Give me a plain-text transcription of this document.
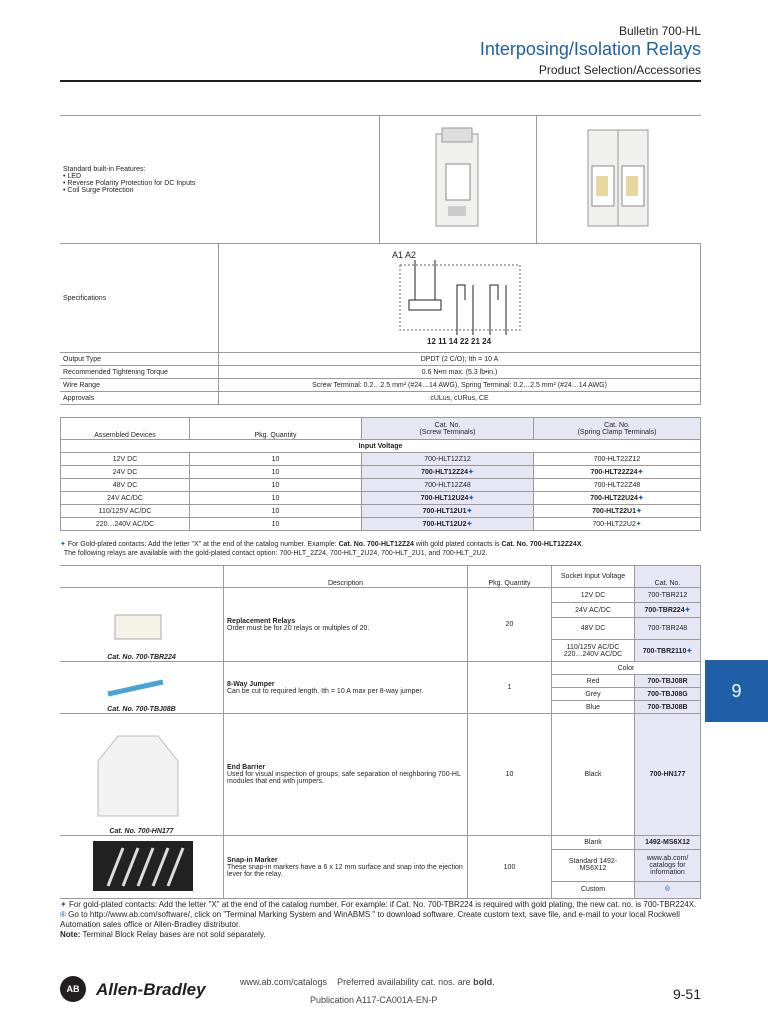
Bulletin 700-HL
Interposing/Isolation Relays
Product Selection/Accessories
Standard built-in Features:
• LED
• Reverse Polarity Protection for DC Inputs
• Coil Surge Protection

Specifications	A1 A2
12 11 14 22 21 24

Output Type	DPDT (2 C/O); Ith = 10 A
Recommended Tightening Torque	0.6 N•m max. (5.3 lb•in.)
Wire Range	Screw Terminal: 0.2…2.5 mm² (#24…14 AWG), Spring Terminal: 0.2…2.5 mm² (#24…14 AWG)
Approvals	cULus, cURus, CE
Assembled Devices	Pkg. Quantity	Cat. No.
(Screw Terminals)	Cat. No.
(Spring Clamp Terminals)
Input Voltage			
12V DC	10	700-HLT12Z12	700-HLT22Z12
24V DC	10	700-HLT12Z24✦	700-HLT22Z24✦
48V DC	10	700-HLT12Z48	700-HLT22Z48
24V AC/DC	10	700-HLT12U24✦	700-HLT22U24✦
110/125V AC/DC	10	700-HLT12U1✦	700-HLT22U1✦
220…240V AC/DC	10	700-HLT12U2✦	700-HLT22U2✦
✦ For Gold-plated contacts: Add the letter "X" at the end of the catalog number. Example: Cat. No. 700-HLT12Z24 with gold plated contacts is Cat. No. 700-HLT12Z24X.
The following relays are available with the gold-plated contact option: 700-HLT_2Z24, 700-HLT_2U24, 700-HLT_2U1, and 700-HLT_2U2.
	Description	Pkg. Quantity	Socket Input Voltage	Cat. No.

Cat. No. 700-TBR224	Replacement Relays
Order must be for 20 relays or multiples of 20.	20	12V DC	700-TBR212
			24V AC/DC	700-TBR224✦
			48V DC	700-TBR248
			110/125V AC/DC
220…240V AC/DC	700-TBR2110✦

Cat. No. 700-TBJ08B	8-Way Jumper
Can be cut to required length. Ith = 10 A max per 8-way jumper.	1	Color	
			Red	700-TBJ08R
			Grey	700-TBJ08G
			Blue	700-TBJ08B

Cat. No. 700-HN177	End Barrier
Used for visual inspection of groups, safe separation of neighboring 700-HL modules that end with jumpers.	10	Black	700-HN177
	Snap-in Marker
These snap-in markers have a 6 x 12 mm surface and snap into the ejection lever for the relay.	100	Blank	1492-MS6X12
			Standard 1492-
MS6X12	www.ab.com/
catalogs for
information
			Custom	®
✦ For gold-plated contacts: Add the letter "X" at the end of the catalog number. For example: if Cat. No. 700-TBR224 is required with gold plating, the new cat. no. is 700-TBR224X.
® Go to http://www.ab.com/software/, click on "Terminal Marking System and WinABMS " to download software. Create custom text, save file, and e-mail to your local Rockwell Automation sales office or Allen-Bradley distributor.
Note: Terminal Block Relay bases are not sold separately.
9
AB Allen-Bradley	www.ab.com/catalogs Preferred availability cat. nos. are bold.
Publication A117-CA001A-EN-P	9-51
